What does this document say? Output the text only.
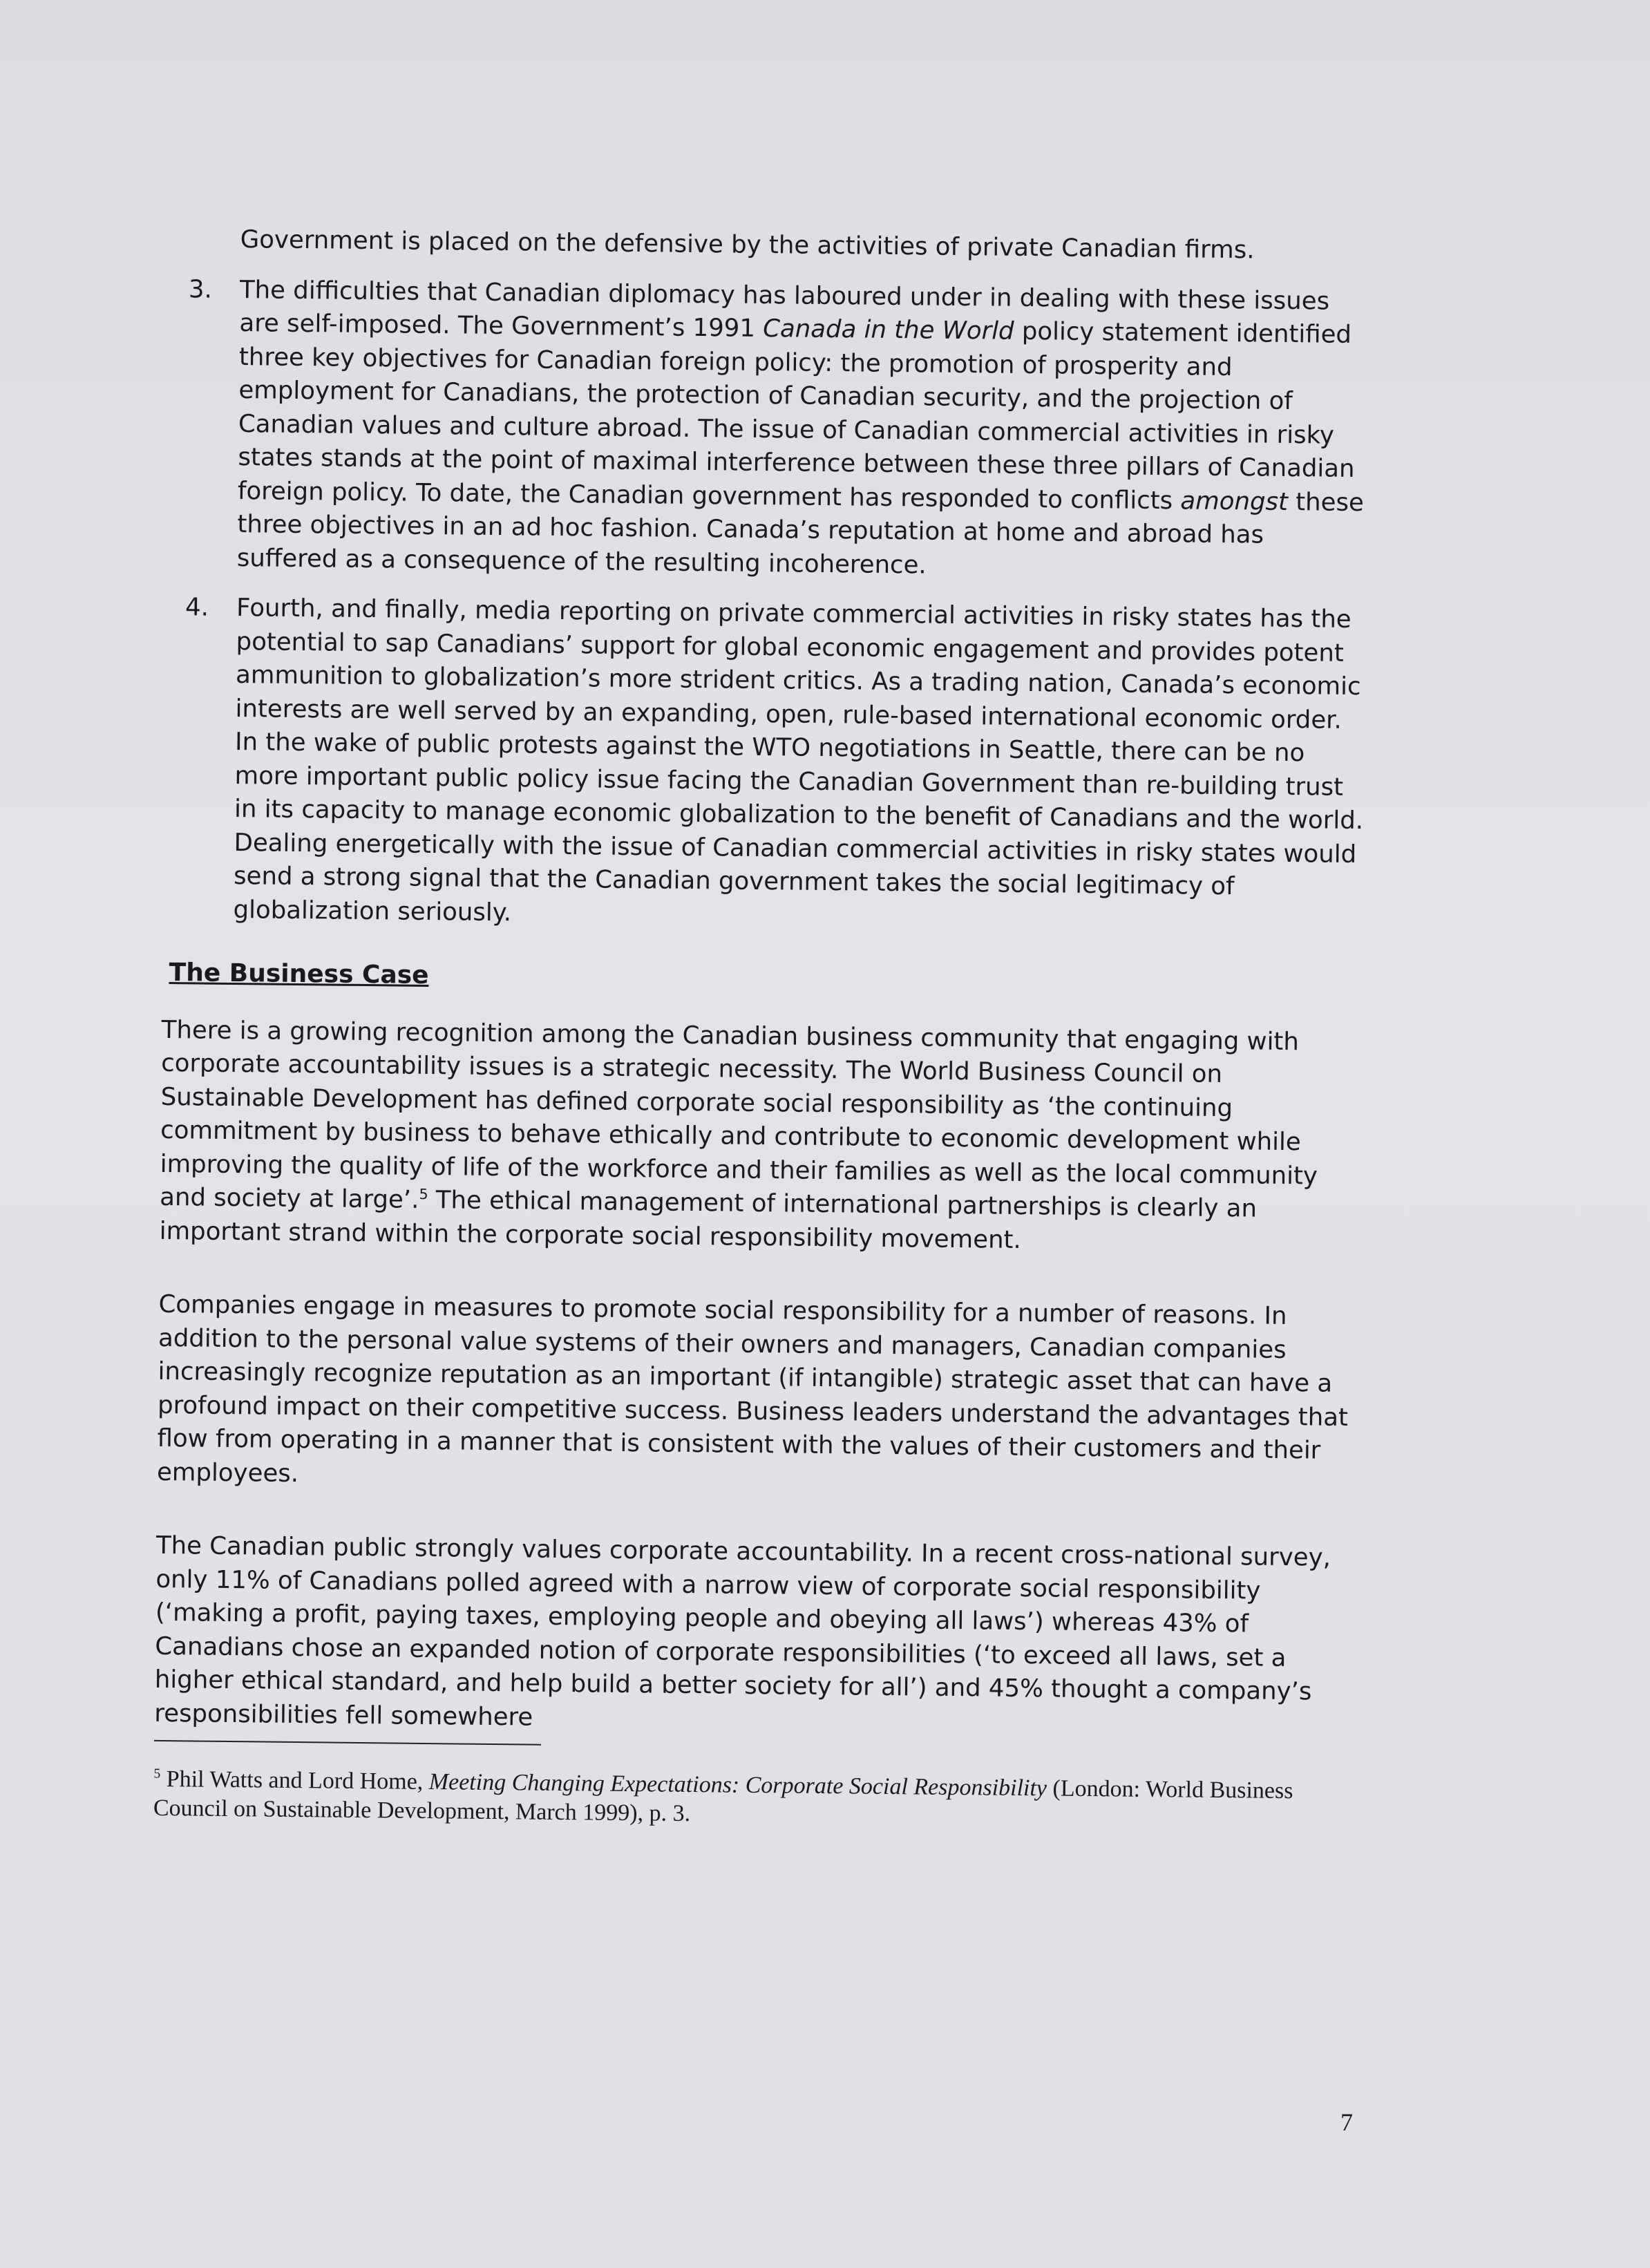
Government is placed on the defensive by the activities of private Canadian firms.

3.	The difficulties that Canadian diplomacy has laboured under in dealing with these issues are self-imposed. The Government’s 1991 Canada in the World policy statement identified three key objectives for Canadian foreign policy: the promotion of prosperity and employment for Canadians, the protection of Canadian security, and the projection of Canadian values and culture abroad. The issue of Canadian commercial activities in risky states stands at the point of maximal interference between these three pillars of Canadian foreign policy. To date, the Canadian government has responded to conflicts amongst these three objectives in an ad hoc fashion. Canada’s reputation at home and abroad has suffered as a consequence of the resulting incoherence.

4.	Fourth, and finally, media reporting on private commercial activities in risky states has the potential to sap Canadians’ support for global economic engagement and provides potent ammunition to globalization’s more strident critics. As a trading nation, Canada’s economic interests are well served by an expanding, open, rule-based international economic order. In the wake of public protests against the WTO negotiations in Seattle, there can be no more important public policy issue facing the Canadian Government than re-building trust in its capacity to manage economic globalization to the benefit of Canadians and the world. Dealing energetically with the issue of Canadian commercial activities in risky states would send a strong signal that the Canadian government takes the social legitimacy of globalization seriously.

The Business Case

There is a growing recognition among the Canadian business community that engaging with corporate accountability issues is a strategic necessity. The World Business Council on Sustainable Development has defined corporate social responsibility as ‘the continuing commitment by business to behave ethically and contribute to economic development while improving the quality of life of the workforce and their families as well as the local community and society at large’.$^5$ The ethical management of international partnerships is clearly an important strand within the corporate social responsibility movement.

Companies engage in measures to promote social responsibility for a number of reasons. In addition to the personal value systems of their owners and managers, Canadian companies increasingly recognize reputation as an important (if intangible) strategic asset that can have a profound impact on their competitive success. Business leaders understand the advantages that flow from operating in a manner that is consistent with the values of their customers and their employees.

The Canadian public strongly values corporate accountability. In a recent cross-national survey, only 11% of Canadians polled agreed with a narrow view of corporate social responsibility (‘making a profit, paying taxes, employing people and obeying all laws’) whereas 43% of Canadians chose an expanded notion of corporate responsibilities (‘to exceed all laws, set a higher ethical standard, and help build a better society for all’) and 45% thought a company’s responsibilities fell somewhere

$^5$ Phil Watts and Lord Home, Meeting Changing Expectations: Corporate Social Responsibility (London: World Business Council on Sustainable Development, March 1999), p. 3.

7
